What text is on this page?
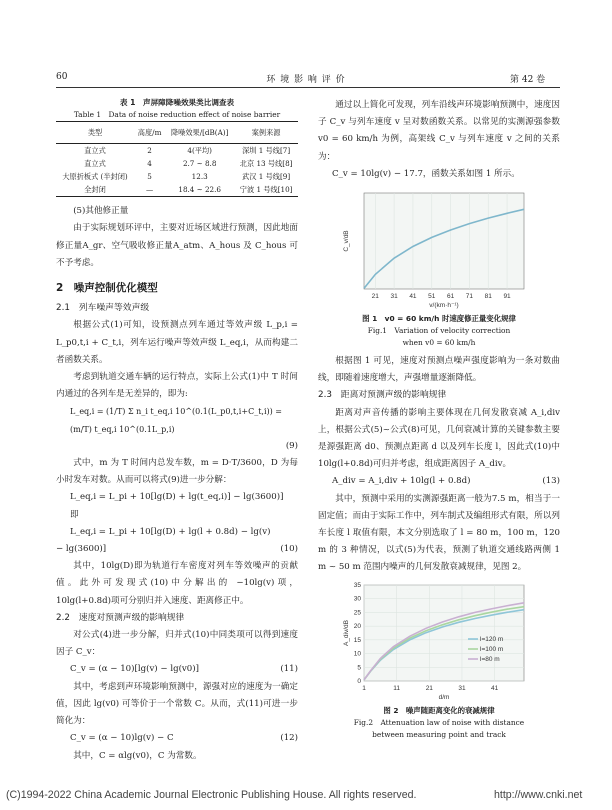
60	环 境 影 响 评 价	第 42 卷
表 1　声屏障降噪效果类比调查表
Table 1　Data of noise reduction effect of noise barrier
类型	高度/m	降噪效果/[dB(A)]	案例来源
直立式	2	4(平均)	深圳 1 号线[7]
直立式	4	2.7 ~ 8.8	北京 13 号线[8]
大原折板式 (半封闭)	5	12.3	武汉 1 号线[9]
全封闭	—	18.4 ~ 22.6	宁波 1 号线[10]

(5)其他修正量

由于实际规划环评中，主要对近场区域进行预测，因此地面修正量A_gr、空气吸收修正量A_atm、A_hous 及 C_hous 可不予考虑。

2　噪声控制优化模型
2.1　列车噪声等效声级

根据公式(1)可知，设预测点列车通过等效声级 L_p,i = L_p0,t,i + C_t,i，列车运行噪声等效声级 L_eq,i，从而构建二者函数关系。

考虑到轨道交通车辆的运行特点，实际上公式(1)中 T 时间内通过的各列车是无差异的，即为:

L_eq,i = (1/T) Σ n_i t_eq,i 10^(0.1(L_p0,t,i+C_t,i)) = (m/T) t_eq,i 10^(0.1L_p,i)
(9)

式中，m 为 T 时间内总发车数，m = D·T/3600，D 为每小时发车对数。从而可以将式(9)进一步分解：

L_eq,i = L_pi + 10[lg(D) + lg(t_eq,i)] − lg(3600)]
即
L_eq,i = L_pi + 10[lg(D) + lg(l + 0.8d) − lg(v)
− lg(3600)]	(10)

其中，10lg(D)即为轨道行车密度对列车等效噪声的贡献值。此外可发现式(10)中分解出的 −10lg(v)项，10lg(l+0.8d)项可分别归并入速度、距离修正中。

2.2　速度对预测声级的影响规律

对公式(4)进一步分解，归并式(10)中同类项可以得到速度因子 C_v：

C_v = (α − 10)[lg(v) − lg(v0)]	(11)

其中，考虑到声环境影响预测中，源强对应的速度为一确定值，因此 lg(v0) 可等价于一个常数 C。从而，式(11)可进一步简化为：

C_v = (α − 10)lg(v) − C	(12)

其中，C = αlg(v0)，C 为常数。

通过以上简化可发现，列车沿线声环境影响预测中，速度因子 C_v 与列车速度 v 呈对数函数关系。以常见的实测源强参数 v0 = 60 km/h 为例，高架线 C_v 与列车速度 v 之间的关系为：

C_v = 10lg(v) − 17.7，函数关系如图 1 所示。
21 31 41 51 61 71 81 91
v/(km·h⁻¹)
C_v/dB
图 1　v0 = 60 km/h 时速度修正量变化规律
Fig.1　Variation of velocity correction
when v0 = 60 km/h

根据图 1 可见，速度对预测点噪声强度影响为一条对数曲线，即随着速度增大，声强增量逐渐降低。

2.3　距离对预测声级的影响规律

距离对声音传播的影响主要体现在几何发散衰减 A_i,div 上，根据公式(5)~公式(8)可见，几何衰减计算的关键参数主要是源强距离 d0、预测点距离 d 以及列车长度 l，因此式(10)中 10lg(l+0.8d)可归并考虑，组成距离因子 A_div。

A_div = A_i,div + 10lg(l + 0.8d)	(13)

其中，预测中采用的实测源强距离一般为7.5 m，相当于一固定值；而由于实际工作中，列车制式及编组形式有限，所以列车长度 l 取值有限，本文分别选取了 l = 80 m，100 m，120 m 的 3 种情况，以式(5)为代表，预测了轨道交通线路两侧 1 m ~ 50 m 范围内噪声的几何发散衰减规律，见图 2。

1	11	21	31	41
0
5
10
15
20
25
30
35
d/m
A_div/dB	l=120 m
l=100 m
l=80 m
图 2　噪声随距离变化的衰减规律
Fig.2　Attenuation law of noise with distance
between measuring point and track
(C)1994-2022 China Academic Journal Electronic Publishing House. All rights reserved.	http://www.cnki.net
